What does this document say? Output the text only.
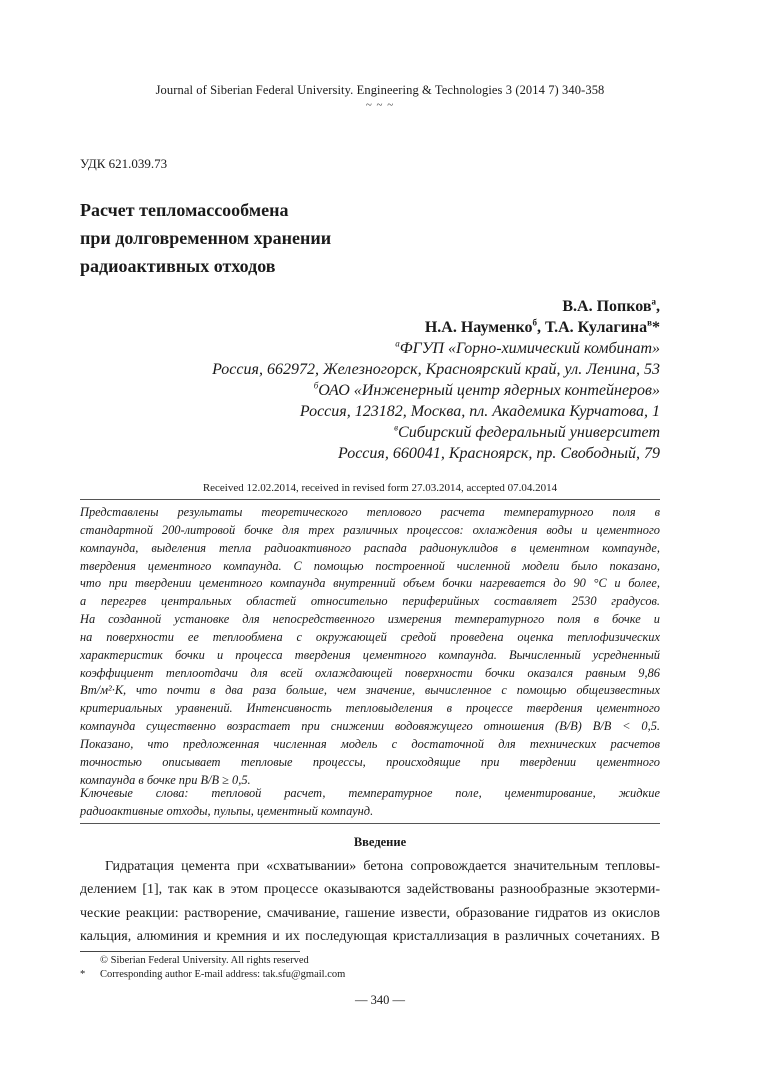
Journal of Siberian Federal University. Engineering & Technologies 3 (2014 7) 340-358
~ ~ ~
УДК 621.039.73
Расчет тепломассообмена
при долговременном хранении
радиоактивных отходов
В.А. Попков$^а$,
Н.А. Науменко$^б$, Т.А. Кулагина$^в$*
$^а$ФГУП «Горно-химический комбинат»
Россия, 662972, Железногорск, Красноярский край, ул. Ленина, 53
$^б$ОАО «Инженерный центр ядерных контейнеров»
Россия, 123182, Москва, пл. Академика Курчатова, 1
$^в$Сибирский федеральный университет
Россия, 660041, Красноярск, пр. Свободный, 79
Received 12.02.2014, received in revised form 27.03.2014, accepted 07.04.2014
Представлены результаты теоретического теплового расчета температурного поля в
стандартной 200-литровой бочке для трех различных процессов: охлаждения воды и цементного
компаунда, выделения тепла радиоактивного распада радионуклидов в цементном компаунде,
твердения цементного компаунда. С помощью построенной численной модели было показано,
что при твердении цементного компаунда внутренний объем бочки нагревается до 90 °С и более,
а перегрев центральных областей относительно периферийных составляет 2530 градусов.
На созданной установке для непосредственного измерения температурного поля в бочке и
на поверхности ее теплообмена с окружающей средой проведена оценка теплофизических
характеристик бочки и процесса твердения цементного компаунда. Вычисленный усредненный
коэффициент теплоотдачи для всей охлаждающей поверхности бочки оказался равным 9,86
Вт/м²·К, что почти в два раза больше, чем значение, вычисленное с помощью общеизвестных
критериальных уравнений. Интенсивность тепловыделения в процессе твердения цементного
компаунда существенно возрастает при снижении водовяжущего отношения (В/В) В/В < 0,5.
Показано, что предложенная численная модель с достаточной для технических расчетов
точностью описывает тепловые процессы, происходящие при твердении цементного
компаунда в бочке при В/В ≥ 0,5.
Ключевые слова: тепловой расчет, температурное поле, цементирование, жидкие
радиоактивные отходы, пульпы, цементный компаунд.
Введение
Гидратация цемента при «схватывании» бетона сопровождается значительным тепловы-
делением [1], так как в этом процессе оказываются задействованы разнообразные экзотерми-
ческие реакции: растворение, смачивание, гашение извести, образование гидратов из окислов
кальция, алюминия и кремния и их последующая кристаллизация в различных сочетаниях. В
© Siberian Federal University. All rights reserved
* Corresponding author E-mail address: tak.sfu@gmail.com
— 340 —
